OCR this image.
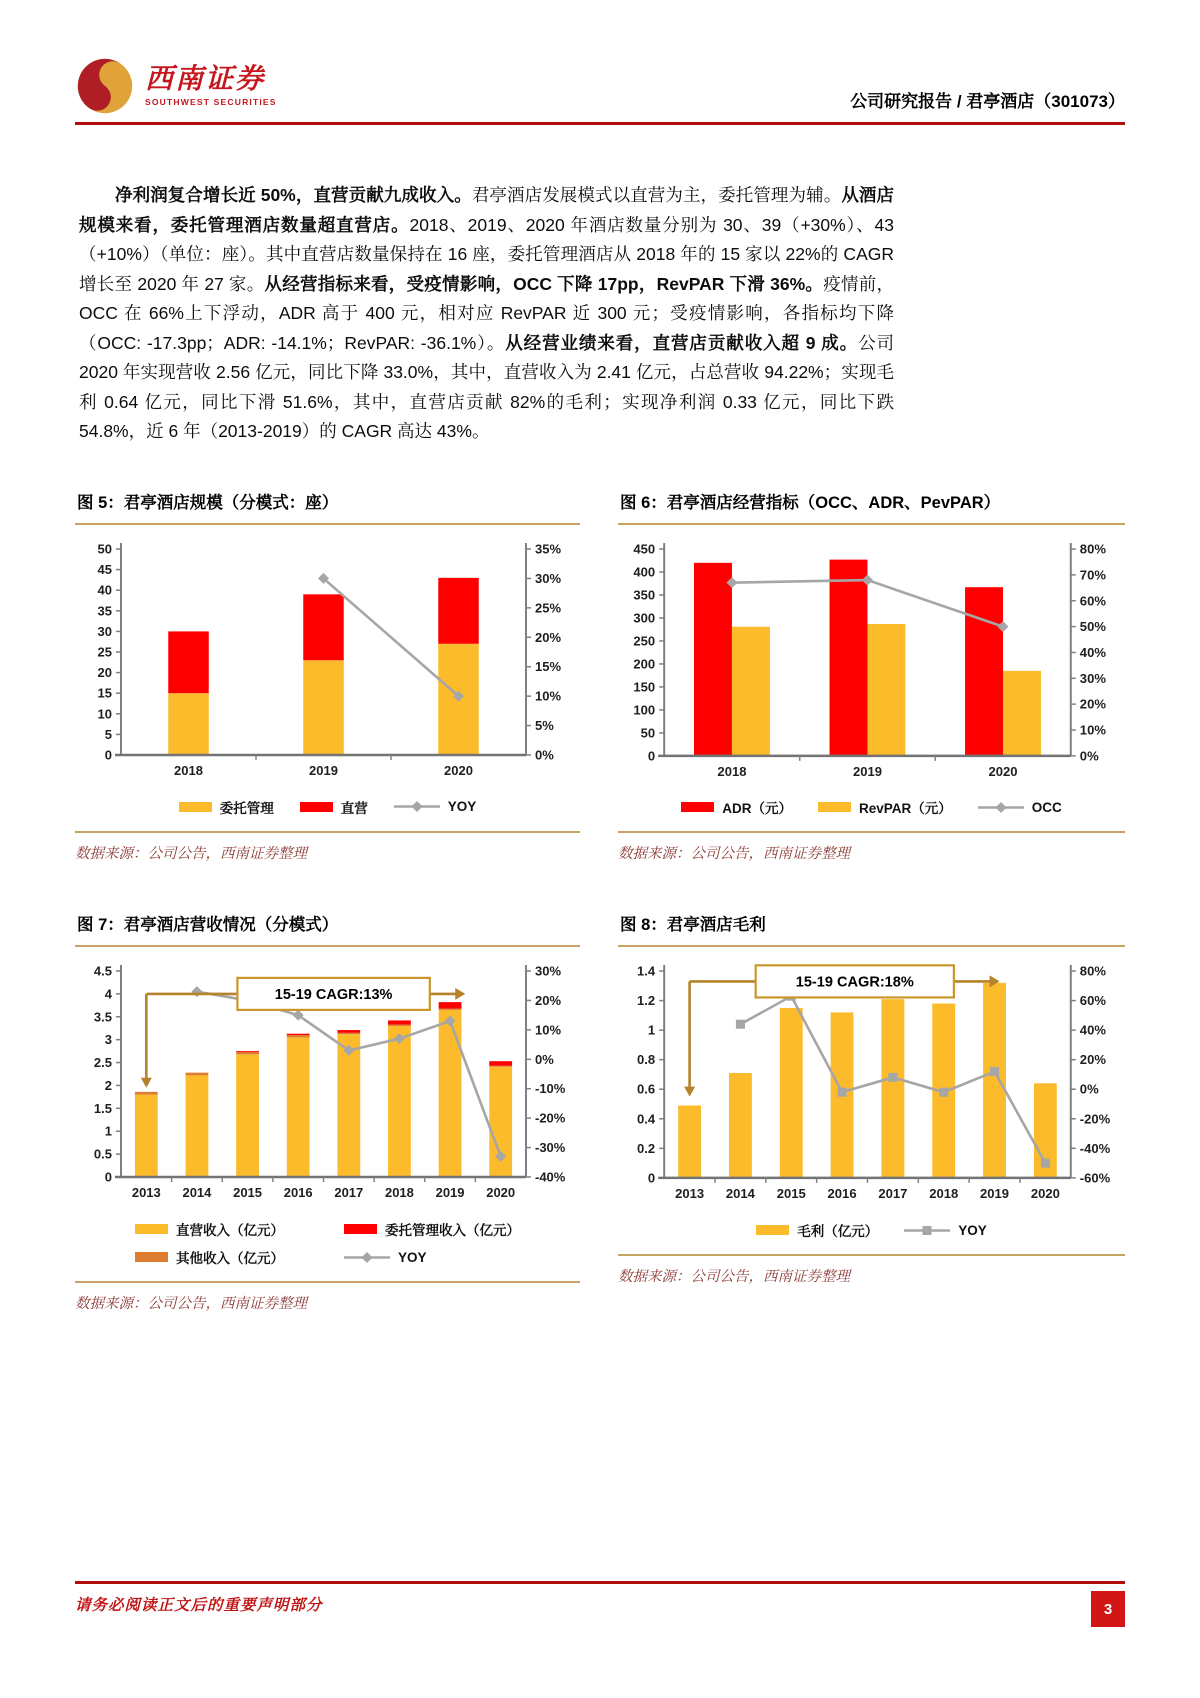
西南证券
SOUTHWEST SECURITIES	公司研究报告 / 君亭酒店（301073）

净利润复合增长近 50%，直营贡献九成收入。君亭酒店发展模式以直营为主，委托管理为辅。从酒店规模来看，委托管理酒店数量超直营店。2018、2019、2020 年酒店数量分别为 30、39（+30%）、43（+10%）（单位：座）。其中直营店数量保持在 16 座，委托管理酒店从 2018 年的 15 家以 22%的 CAGR 增长至 2020 年 27 家。从经营指标来看，受疫情影响，OCC 下降 17pp，RevPAR 下滑 36%。疫情前，OCC 在 66%上下浮动，ADR 高于 400 元，相对应 RevPAR 近 300 元；受疫情影响，各指标均下降（OCC: -17.3pp；ADR: -14.1%；RevPAR: -36.1%）。从经营业绩来看，直营店贡献收入超 9 成。公司 2020 年实现营收 2.56 亿元，同比下降 33.0%，其中，直营收入为 2.41 亿元，占总营收 94.22%；实现毛利 0.64 亿元，同比下滑 51.6%，其中，直营店贡献 82%的毛利；实现净利润 0.33 亿元，同比下跌 54.8%，近 6 年（2013-2019）的 CAGR 高达 43%。

图 5：君亭酒店规模（分模式：座）
0
5
10
15
20
25
30
35
40
45
50
0%
5%
10%
15%
20%
25%
30%
35%
2018	2019	2020
委托管理	直营	YOY
数据来源：公司公告，西南证券整理
图 6：君亭酒店经营指标（OCC、ADR、PevPAR）
0
50
100
150
200
250
300
350
400
450
0%
10%
20%
30%
40%
50%
60%
70%
80%
2018	2019	2020
ADR（元）	RevPAR（元）	OCC
数据来源：公司公告，西南证券整理
图 7：君亭酒店营收情况（分模式）
0
0.5
1
1.5
2
2.5
3
3.5
4
4.5
-40%
-30%
-20%
-10%
0%
10%
20%
30%
2013 2014 2015 2016 2017 2018 2019 2020
15-19 CAGR:13%
直营收入（亿元）	委托管理收入（亿元）
其他收入（亿元）	YOY
数据来源：公司公告，西南证券整理
图 8：君亭酒店毛利
0
0.2
0.4
0.6
0.8
1
1.2
1.4
-60%
-40%
-20%
0%
20%
40%
60%
80%
2013 2014 2015 2016 2017 2018 2019 2020
15-19 CAGR:18%
毛利（亿元）	YOY
数据来源：公司公告，西南证券整理
请务必阅读正文后的重要声明部分	3
